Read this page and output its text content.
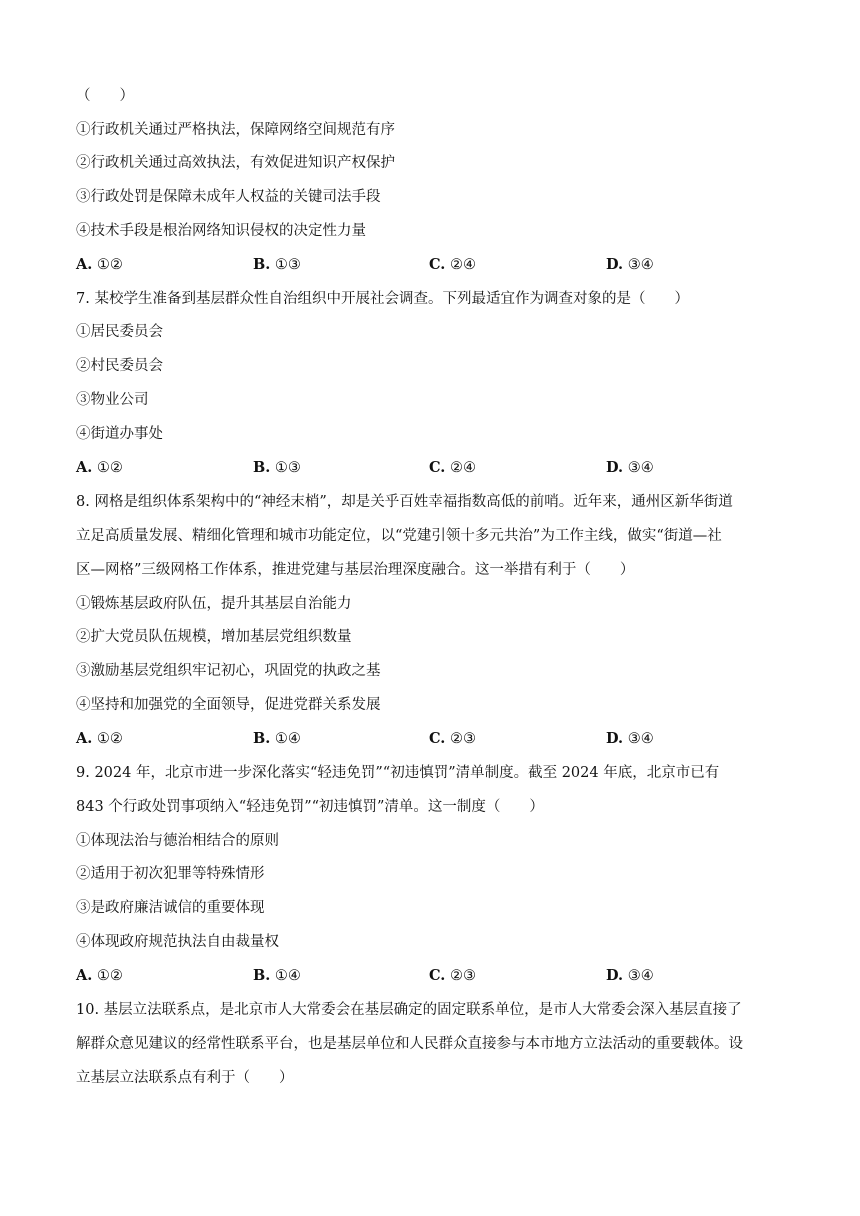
（　　）
①行政机关通过严格执法，保障网络空间规范有序
②行政机关通过高效执法，有效促进知识产权保护
③行政处罚是保障未成年人权益的关键司法手段
④技术手段是根治网络知识侵权的决定性力量
A. ①②	B. ①③	C. ②④	D. ③④
7. 某校学生准备到基层群众性自治组织中开展社会调查。下列最适宜作为调查对象的是（　　）
①居民委员会
②村民委员会
③物业公司
④街道办事处
A. ①②	B. ①③	C. ②④	D. ③④
8. 网格是组织体系架构中的“神经末梢”，却是关乎百姓幸福指数高低的前哨。近年来，通州区新华街道
立足高质量发展、精细化管理和城市功能定位，以“党建引领十多元共治”为工作主线，做实“街道—社
区—网格”三级网格工作体系，推进党建与基层治理深度融合。这一举措有利于（　　）
①锻炼基层政府队伍，提升其基层自治能力
②扩大党员队伍规模，增加基层党组织数量
③激励基层党组织牢记初心，巩固党的执政之基
④坚持和加强党的全面领导，促进党群关系发展
A. ①②	B. ①④	C. ②③	D. ③④
9. 2024 年，北京市进一步深化落实“轻违免罚”“初违慎罚”清单制度。截至 2024 年底，北京市已有
843 个行政处罚事项纳入“轻违免罚”“初违慎罚”清单。这一制度（　　）
①体现法治与德治相结合的原则
②适用于初次犯罪等特殊情形
③是政府廉洁诚信的重要体现
④体现政府规范执法自由裁量权
A. ①②	B. ①④	C. ②③	D. ③④
10. 基层立法联系点，是北京市人大常委会在基层确定的固定联系单位，是市人大常委会深入基层直接了
解群众意见建议的经常性联系平台，也是基层单位和人民群众直接参与本市地方立法活动的重要载体。设
立基层立法联系点有利于（　　）
